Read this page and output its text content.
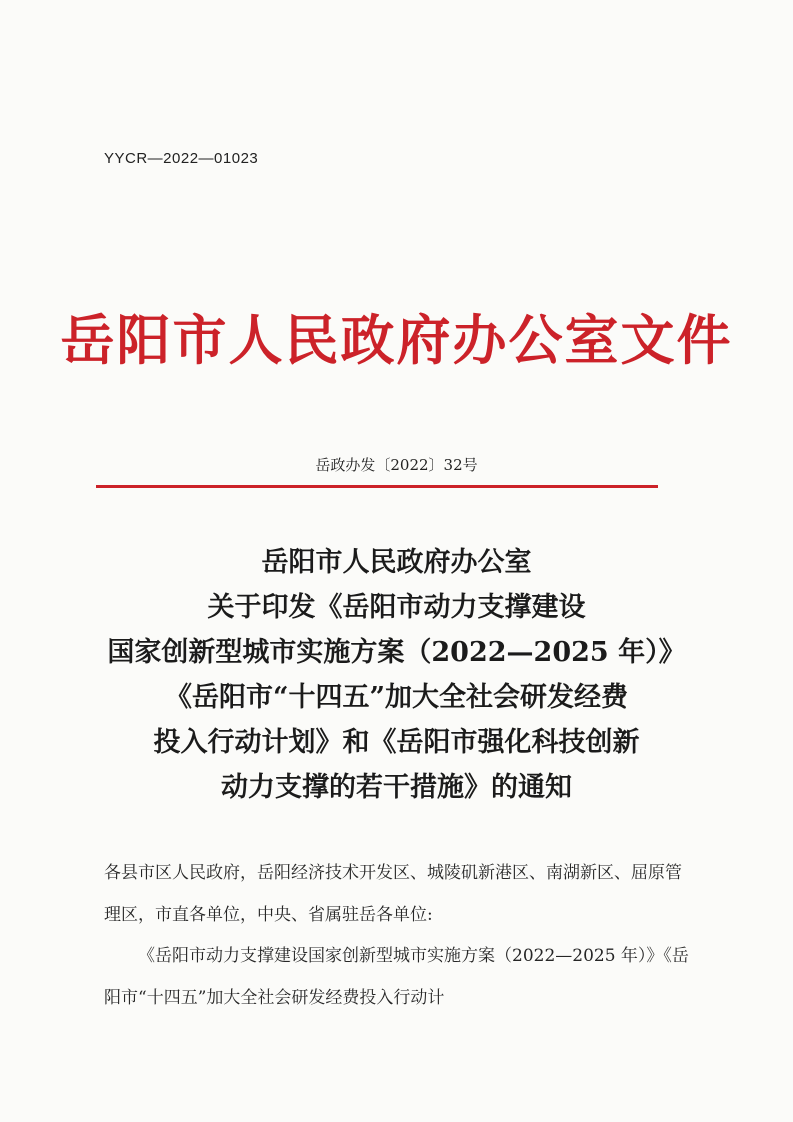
YYCR—2022—01023
岳阳市人民政府办公室文件
岳政办发〔2022〕32号
岳阳市人民政府办公室
关于印发《岳阳市动力支撑建设
国家创新型城市实施方案（2022—2025 年）》
《岳阳市“十四五”加大全社会研发经费
投入行动计划》和《岳阳市强化科技创新
动力支撑的若干措施》的通知
各县市区人民政府，岳阳经济技术开发区、城陵矶新港区、南湖新区、屈原管理区，市直各单位，中央、省属驻岳各单位:
《岳阳市动力支撑建设国家创新型城市实施方案（2022—2025 年）》《岳阳市“十四五”加大全社会研发经费投入行动计
